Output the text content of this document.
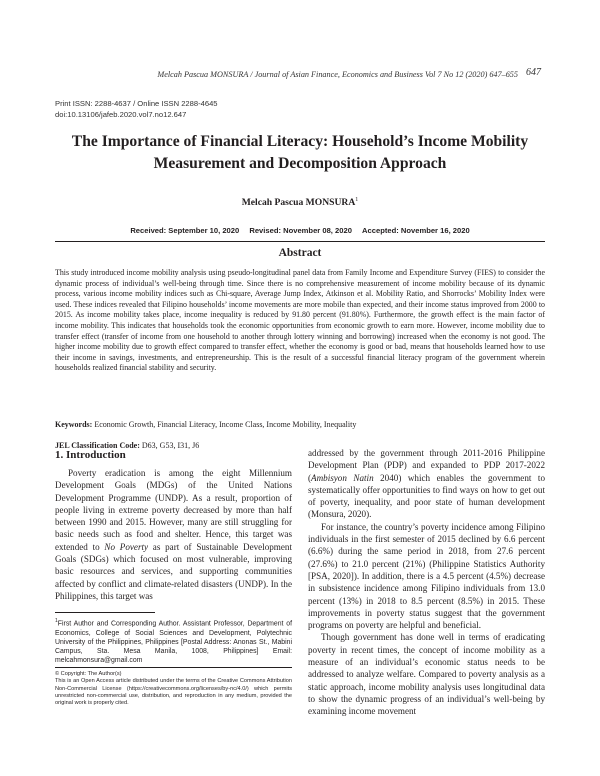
Melcah Pascua MONSURA / Journal of Asian Finance, Economics and Business Vol 7 No 12 (2020) 647–655 647
Print ISSN: 2288-4637 / Online ISSN 2288-4645
doi:10.13106/jafeb.2020.vol7.no12.647
The Importance of Financial Literacy: Household’s Income Mobility
Measurement and Decomposition Approach
Melcah Pascua MONSURA$^1$
Received: September 10, 2020 Revised: November 08, 2020 Accepted: November 16, 2020
Abstract
This study introduced income mobility analysis using pseudo-longitudinal panel data from Family Income and Expenditure Survey (FIES) to consider the dynamic process of individual’s well-being through time. Since there is no comprehensive measurement of income mobility because of its dynamic process, various income mobility indices such as Chi-square, Average Jump Index, Atkinson et al. Mobility Ratio, and Shorrocks’ Mobility Index were used. These indices revealed that Filipino households’ income movements are more mobile than expected, and their income status improved from 2000 to 2015. As income mobility takes place, income inequality is reduced by 91.80 percent (91.80%). Furthermore, the growth effect is the main factor of income mobility. This indicates that households took the economic opportunities from economic growth to earn more. However, income mobility due to transfer effect (transfer of income from one household to another through lottery winning and borrowing) increased when the economy is not good. The higher income mobility due to growth effect compared to transfer effect, whether the economy is good or bad, means that households learned how to use their income in savings, investments, and entrepreneurship. This is the result of a successful financial literacy program of the government wherein households realized financial stability and security.
Keywords: Economic Growth, Financial Literacy, Income Class, Income Mobility, Inequality
JEL Classification Code: D63, G53, I31, J6
1. Introduction

Poverty eradication is among the eight Millennium Development Goals (MDGs) of the United Nations Development Programme (UNDP). As a result, proportion of people living in extreme poverty decreased by more than half between 1990 and 2015. However, many are still struggling for basic needs such as food and shelter. Hence, this target was extended to No Poverty as part of Sustainable Development Goals (SDGs) which focused on most vulnerable, improving basic resources and services, and supporting communities affected by conflict and climate-related disasters (UNDP). In the Philippines, this target was

addressed by the government through 2011-2016 Philippine Development Plan (PDP) and expanded to PDP 2017-2022 (Ambisyon Natin 2040) which enables the government to systematically offer opportunities to find ways on how to get out of poverty, inequality, and poor state of human development (Monsura, 2020).

For instance, the country’s poverty incidence among Filipino individuals in the first semester of 2015 declined by 6.6 percent (6.6%) during the same period in 2018, from 27.6 percent (27.6%) to 21.0 percent (21%) (Philippine Statistics Authority [PSA, 2020]). In addition, there is a 4.5 percent (4.5%) decrease in subsistence incidence among Filipino individuals from 13.0 percent (13%) in 2018 to 8.5 percent (8.5%) in 2015. These improvements in poverty status suggest that the government programs on poverty are helpful and beneficial.

Though government has done well in terms of eradicating poverty in recent times, the concept of income mobility as a measure of an individual’s economic status needs to be addressed to analyze welfare. Compared to poverty analysis as a static approach, income mobility analysis uses longitudinal data to show the dynamic progress of an individual’s well-being by examining income movement

$^1$First Author and Corresponding Author. Assistant Professor, Department of Economics, College of Social Sciences and Development, Polytechnic University of the Philippines, Philippines [Postal Address: Anonas St., Mabini Campus, Sta. Mesa Manila, 1008, Philippines] Email: melcahmonsura@gmail.com
© Copyright: The Author(s)
This is an Open Access article distributed under the terms of the Creative Commons Attribution Non-Commercial License (https://creativecommons.org/licenses/by-nc/4.0/) which permits unrestricted non-commercial use, distribution, and reproduction in any medium, provided the original work is properly cited.
